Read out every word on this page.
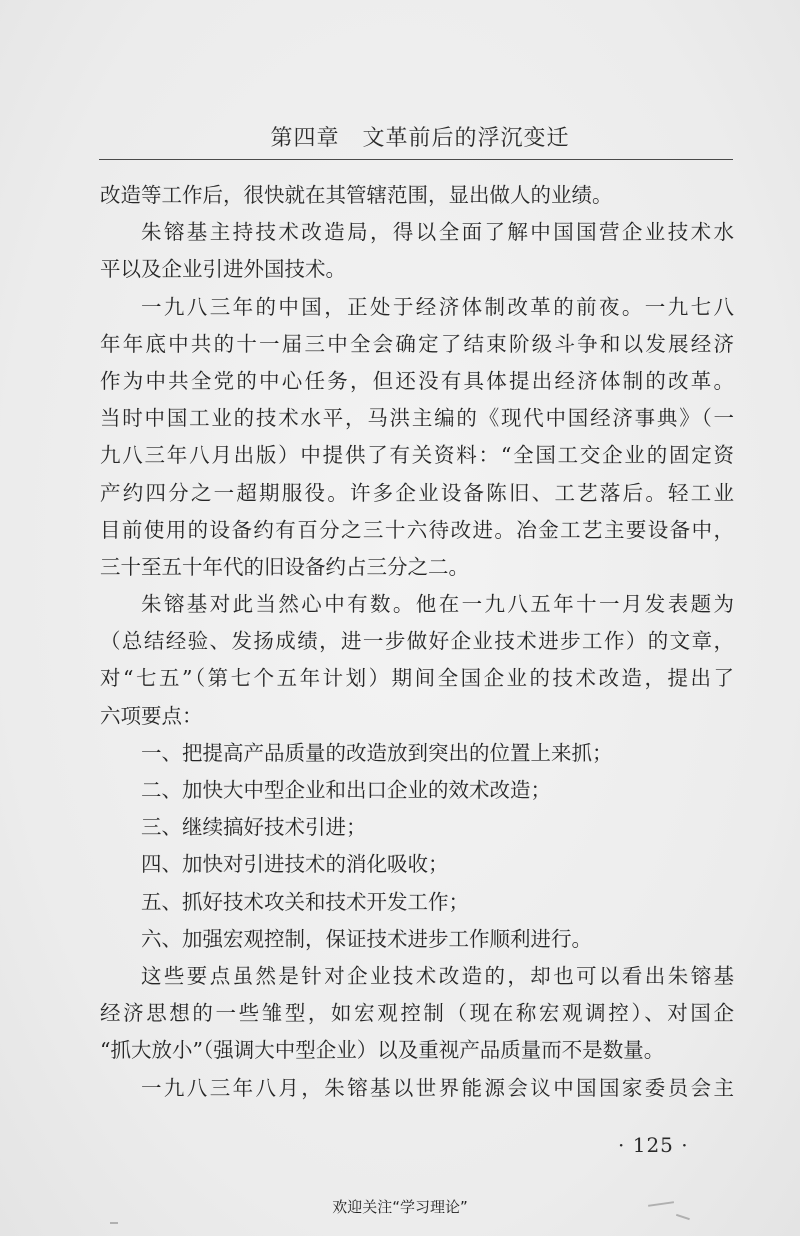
第四章　文革前后的浮沉变迁
改造等工作后，很快就在其管辖范围，显出做人的业绩。
朱镕基主持技术改造局，得以全面了解中国国营企业技术水
平以及企业引进外国技术。
一九八三年的中国，正处于经济体制改革的前夜。一九七八
年年底中共的十一届三中全会确定了结束阶级斗争和以发展经济
作为中共全党的中心任务，但还没有具体提出经济体制的改革。
当时中国工业的技术水平，马洪主编的《现代中国经济事典》（一
九八三年八月出版）中提供了有关资料：“全国工交企业的固定资
产约四分之一超期服役。许多企业设备陈旧、工艺落后。轻工业
目前使用的设备约有百分之三十六待改进。冶金工艺主要设备中，
三十至五十年代的旧设备约占三分之二。
朱镕基对此当然心中有数。他在一九八五年十一月发表题为
（总结经验、发扬成绩，进一步做好企业技术进步工作）的文章，
对“七五”（第七个五年计划）期间全国企业的技术改造，提出了
六项要点：
一、把提高产品质量的改造放到突出的位置上来抓；
二、加快大中型企业和出口企业的效术改造；
三、继续搞好技术引进；
四、加快对引进技术的消化吸收；
五、抓好技术攻关和技术开发工作；
六、加强宏观控制，保证技术进步工作顺利进行。
这些要点虽然是针对企业技术改造的，却也可以看出朱镕基
经济思想的一些雏型，如宏观控制（现在称宏观调控）、对国企
“抓大放小”（强调大中型企业）以及重视产品质量而不是数量。
一九八三年八月，朱镕基以世界能源会议中国国家委员会主
· 125 ·
欢迎关注“学习理论”
